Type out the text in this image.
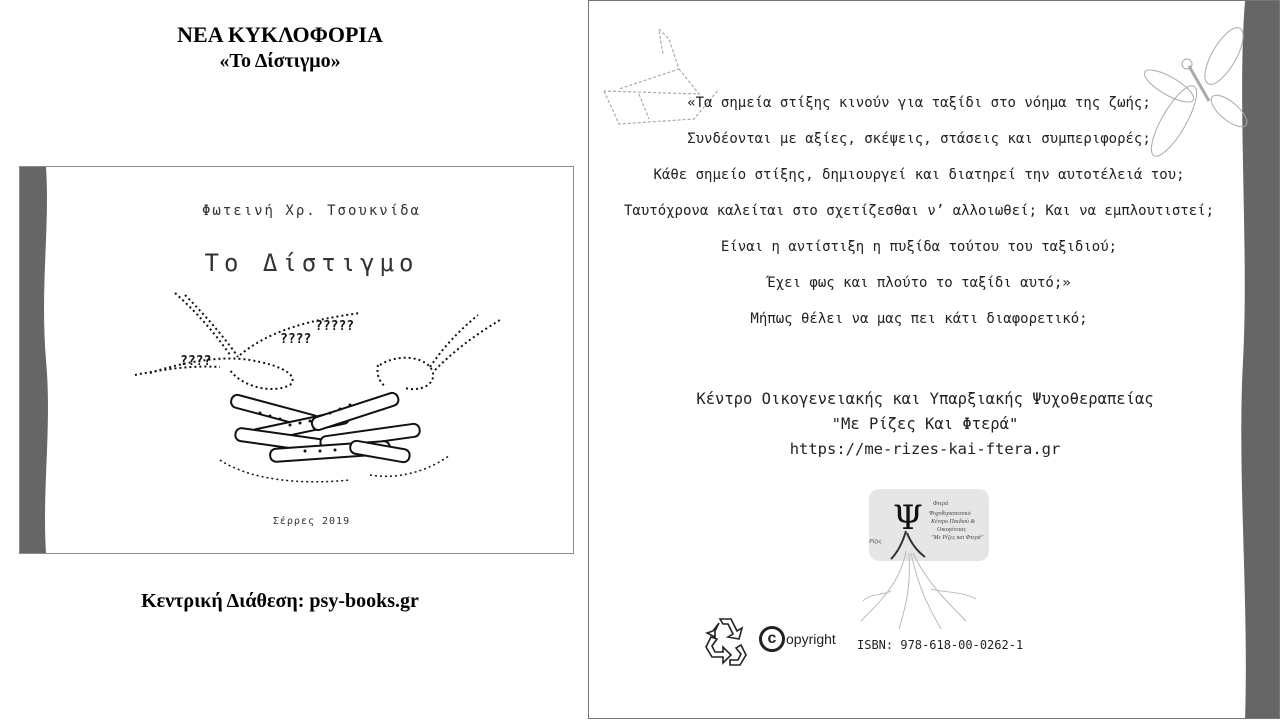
ΝΕΑ ΚΥΚΛΟΦΟΡΙΑ
«Το Δίστιγμο»
Φωτεινή Χρ. Τσουκνίδα
Το Δίστιγμο
????
????
?????
Σέρρες 2019
Κεντρική Διάθεση: psy-books.gr
«Τα σημεία στίξης κινούν για ταξίδι στο νόημα της ζωής;
Συνδέονται με αξίες, σκέψεις, στάσεις και συμπεριφορές;
Κάθε σημείο στίξης, δημιουργεί και διατηρεί την αυτοτέλειά του;
Ταυτόχρονα καλείται στο σχετίζεσθαι ν’ αλλοιωθεί; Και να εμπλουτιστεί;
Είναι η αντίστιξη η πυξίδα τούτου του ταξιδιού;
Έχει φως και πλούτο το ταξίδι αυτό;»
Μήπως θέλει να μας πει κάτι διαφορετικό;
Κέντρο Οικογενειακής και Υπαρξιακής Ψυχοθεραπείας
"Με Ρίζες Και Φτερά"
https://me-rizes-kai-ftera.gr
Ψ Φτερά
Ψυχοθεραπευτικό
Κέντρο Παιδιού &
Οικογένειας
"Με Ρίζες και Φτερά"
Ρίζες
c opyright ISBN: 978-618-00-0262-1
